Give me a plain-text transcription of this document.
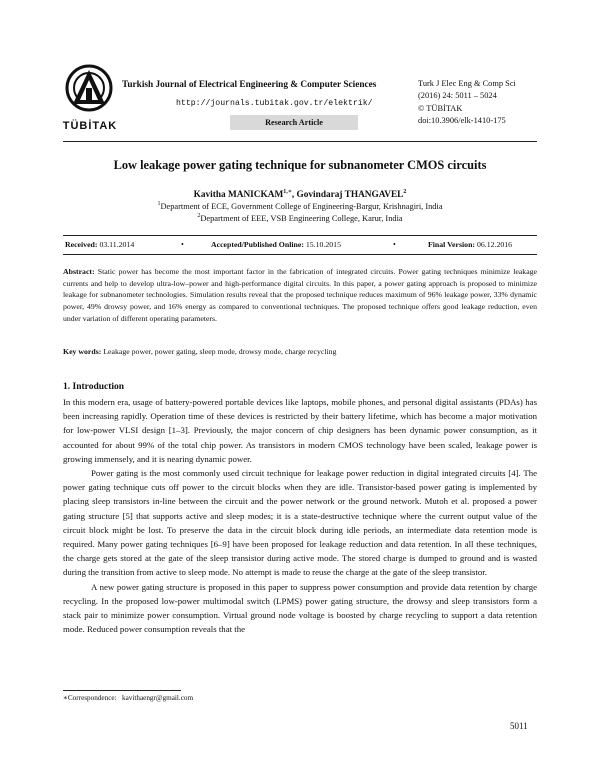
TÜBİTAK
Turkish Journal of Electrical Engineering & Computer Sciences
http://journals.tubitak.gov.tr/elektrik/
Research Article
Turk J Elec Eng & Comp Sci
(2016) 24: 5011 – 5024
© TÜBİTAK
doi:10.3906/elk-1410-175
Low leakage power gating technique for subnanometer CMOS circuits
Kavitha $MANICKAM^{1,∗}$, Govindaraj THANGAVEL$^2$
$^1$Department of ECE, Government College of Engineering-Bargur, Krishnagiri, India
$^2$Department of EEE, VSB Engineering College, Karur, India
Received: 03.11.2014	•	Accepted/Published Online: 15.10.2015	•	Final Version: 06.12.2016
Abstract: Static power has become the most important factor in the fabrication of integrated circuits. Power gating techniques minimize leakage currents and help to develop ultra-low–power and high-performance digital circuits. In this paper, a power gating approach is proposed to minimize leakage for subnanometer technologies. Simulation results reveal that the proposed technique reduces maximum of 96% leakage power, 33% dynamic power, 49% drowsy power, and 16% energy as compared to conventional techniques. The proposed technique offers good leakage reduction, even under variation of different operating parameters.
Key words: Leakage power, power gating, sleep mode, drowsy mode, charge recycling
1. Introduction

In this modern era, usage of battery-powered portable devices like laptops, mobile phones, and personal digital assistants (PDAs) has been increasing rapidly. Operation time of these devices is restricted by their battery lifetime, which has become a major motivation for low-power VLSI design [1–3]. Previously, the major concern of chip designers has been dynamic power consumption, as it accounted for about 99% of the total chip power. As transistors in modern CMOS technology have been scaled, leakage power is growing immensely, and it is nearing dynamic power.

Power gating is the most commonly used circuit technique for leakage power reduction in digital integrated circuits [4]. The power gating technique cuts off power to the circuit blocks when they are idle. Transistor-based power gating is implemented by placing sleep transistors in-line between the circuit and the power network or the ground network. Mutoh et al. proposed a power gating structure [5] that supports active and sleep modes; it is a state-destructive technique where the current output value of the circuit block might be lost. To preserve the data in the circuit block during idle periods, an intermediate data retention mode is required. Many power gating techniques [6–9] have been proposed for leakage reduction and data retention. In all these techniques, the charge gets stored at the gate of the sleep transistor during active mode. The stored charge is dumped to ground and is wasted during the transition from active to sleep mode. No attempt is made to reuse the charge at the gate of the sleep transistor.

A new power gating structure is proposed in this paper to suppress power consumption and provide data retention by charge recycling. In the proposed low-power multimodal switch (LPMS) power gating structure, the drowsy and sleep transistors form a stack pair to minimize power consumption. Virtual ground node voltage is boosted by charge recycling to support a data retention mode. Reduced power consumption reveals that the

∗Correspondence: kavithaengr@gmail.com
5011
